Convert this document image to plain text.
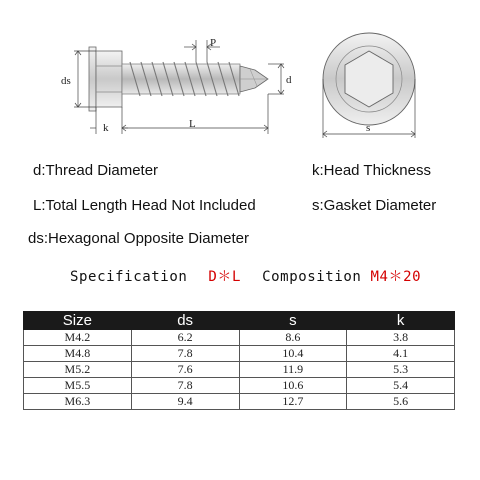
ds
k	L
P
d
s
d:Thread Diameter	k:Head Thickness
L:Total Length Head Not Included	s:Gasket Diameter
ds:Hexagonal Opposite Diameter
Specification D＊L Composition M4＊20
Size	ds	s	k
M4.2	6.2	8.6	3.8
M4.8	7.8	10.4	4.1
M5.2	7.6	11.9	5.3
M5.5	7.8	10.6	5.4
M6.3	9.4	12.7	5.6
